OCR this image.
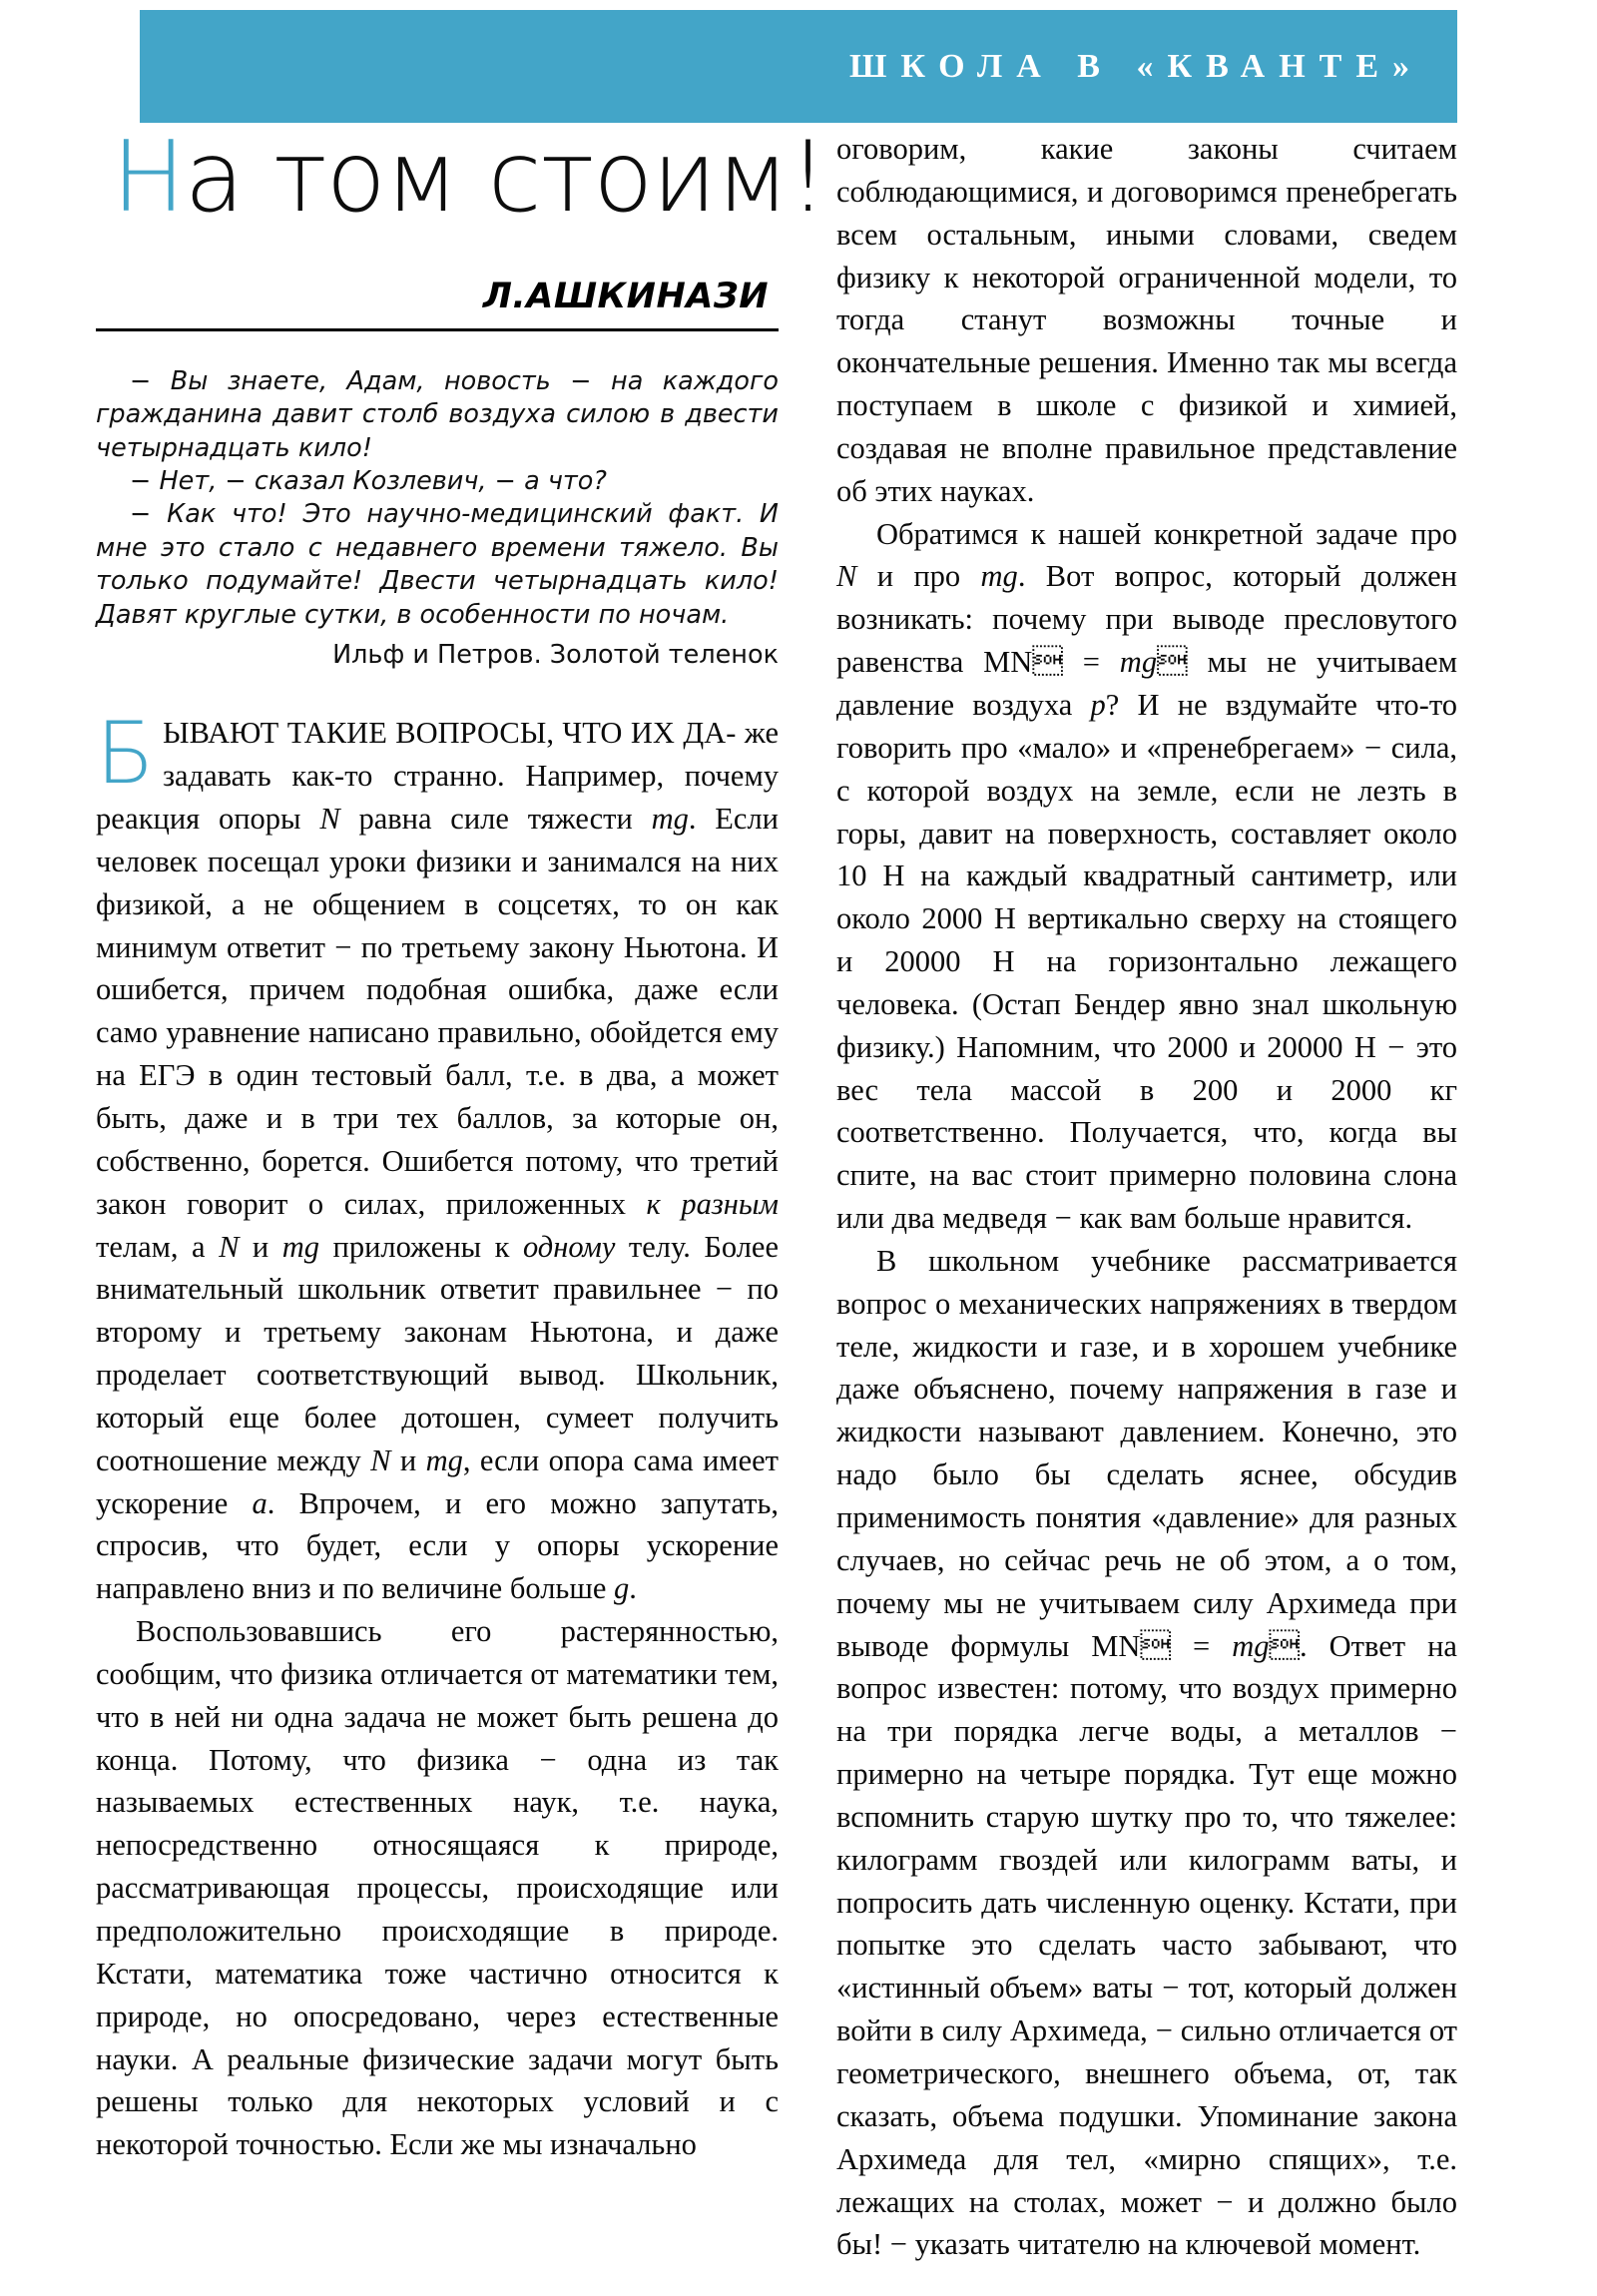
ШКОЛА В «КВАНТЕ»
На том стоим!
Л.АШКИНАЗИ

− Вы знаете, Адам, новость − на каждого гражданина давит столб воздуха силою в двести четырнадцать кило!

− Нет, − сказал Козлевич, − а что?

− Как что! Это научно-медицинский факт. И мне это стало с недавнего времени тяжело. Вы только подумайте! Двести четырнадцать кило! Давят круглые сутки, в особенности по ночам.

Ильф и Петров. Золотой теленок

БЫВАЮТ ТАКИЕ ВОПРОСЫ, ЧТО ИХ ДА- же задавать как-то странно. Например, почему реакция опоры N равна силе тяжести mg. Если человек посещал уроки физики и занимался на них физикой, а не общением в соцсетях, то он как минимум ответит − по третьему закону Ньютона. И ошибется, причем подобная ошибка, даже если само уравнение написано правильно, обойдется ему на ЕГЭ в один тестовый балл, т.е. в два, а может быть, даже и в три тех баллов, за которые он, собственно, борется. Ошибется потому, что третий закон говорит о силах, приложенных к разным телам, а N и mg приложены к одному телу. Более внимательный школьник ответит правильнее − по второму и третьему законам Ньютона, и даже проделает соответствующий вывод. Школьник, который еще более дотошен, сумеет получить соотношение между N и mg, если опора сама имеет ускорение a. Впрочем, и его можно запутать, спросив, что будет, если у опоры ускорение направлено вниз и по величине больше g.

Воспользовавшись его растерянностью, сообщим, что физика отличается от математики тем, что в ней ни одна задача не может быть решена до конца. Потому, что физика − одна из так называемых естественных наук, т.е. наука, непосредственно относящаяся к природе, рассматривающая процессы, происходящие или предположительно происходящие в природе. Кстати, математика тоже частично относится к природе, но опосредовано, через естественные науки. А реальные физические задачи могут быть решены только для некоторых условий и с некоторой точностью. Если же мы изначально

оговорим, какие законы считаем соблюдающимися, и договоримся пренебрегать всем остальным, иными словами, сведем физику к некоторой ограниченной модели, то тогда станут возможны точные и окончательные решения. Именно так мы всегда поступаем в школе с физикой и химией, создавая не вполне правильное представление об этих науках.

Обратимся к нашей конкретной задаче про N и про mg. Вот вопрос, который должен возникать: почему при выводе пресловутого равенства MN = mg мы не учитываем давление воздуха p? И не вздумайте что-то говорить про «мало» и «пренебрегаем» − сила, с которой воздух на земле, если не лезть в горы, давит на поверхность, составляет около 10 Н на каждый квадратный сантиметр, или около 2000 Н вертикально сверху на стоящего и 20000 Н на горизонтально лежащего человека. (Остап Бендер явно знал школьную физику.) Напомним, что 2000 и 20000 Н − это вес тела массой в 200 и 2000 кг соответственно. Получается, что, когда вы спите, на вас стоит примерно половина слона или два медведя − как вам больше нравится.

В школьном учебнике рассматривается вопрос о механических напряжениях в твердом теле, жидкости и газе, и в хорошем учебнике даже объяснено, почему напряжения в газе и жидкости называют давлением. Конечно, это надо было бы сделать яснее, обсудив применимость понятия «давление» для разных случаев, но сейчас речь не об этом, а о том, почему мы не учитываем силу Архимеда при выводе формулы MN = mg. Ответ на вопрос известен: потому, что воздух примерно на три порядка легче воды, а металлов − примерно на четыре порядка. Тут еще можно вспомнить старую шутку про то, что тяжелее: килограмм гвоздей или килограмм ваты, и попросить дать численную оценку. Кстати, при попытке это сделать часто забывают, что «истинный объем» ваты − тот, который должен войти в силу Архимеда, − сильно отличается от геометрического, внешнего объема, от, так сказать, объема подушки. Упоминание закона Архимеда для тел, «мирно спящих», т.е. лежащих на столах, может − и должно было бы! − указать читателю на ключевой момент.
